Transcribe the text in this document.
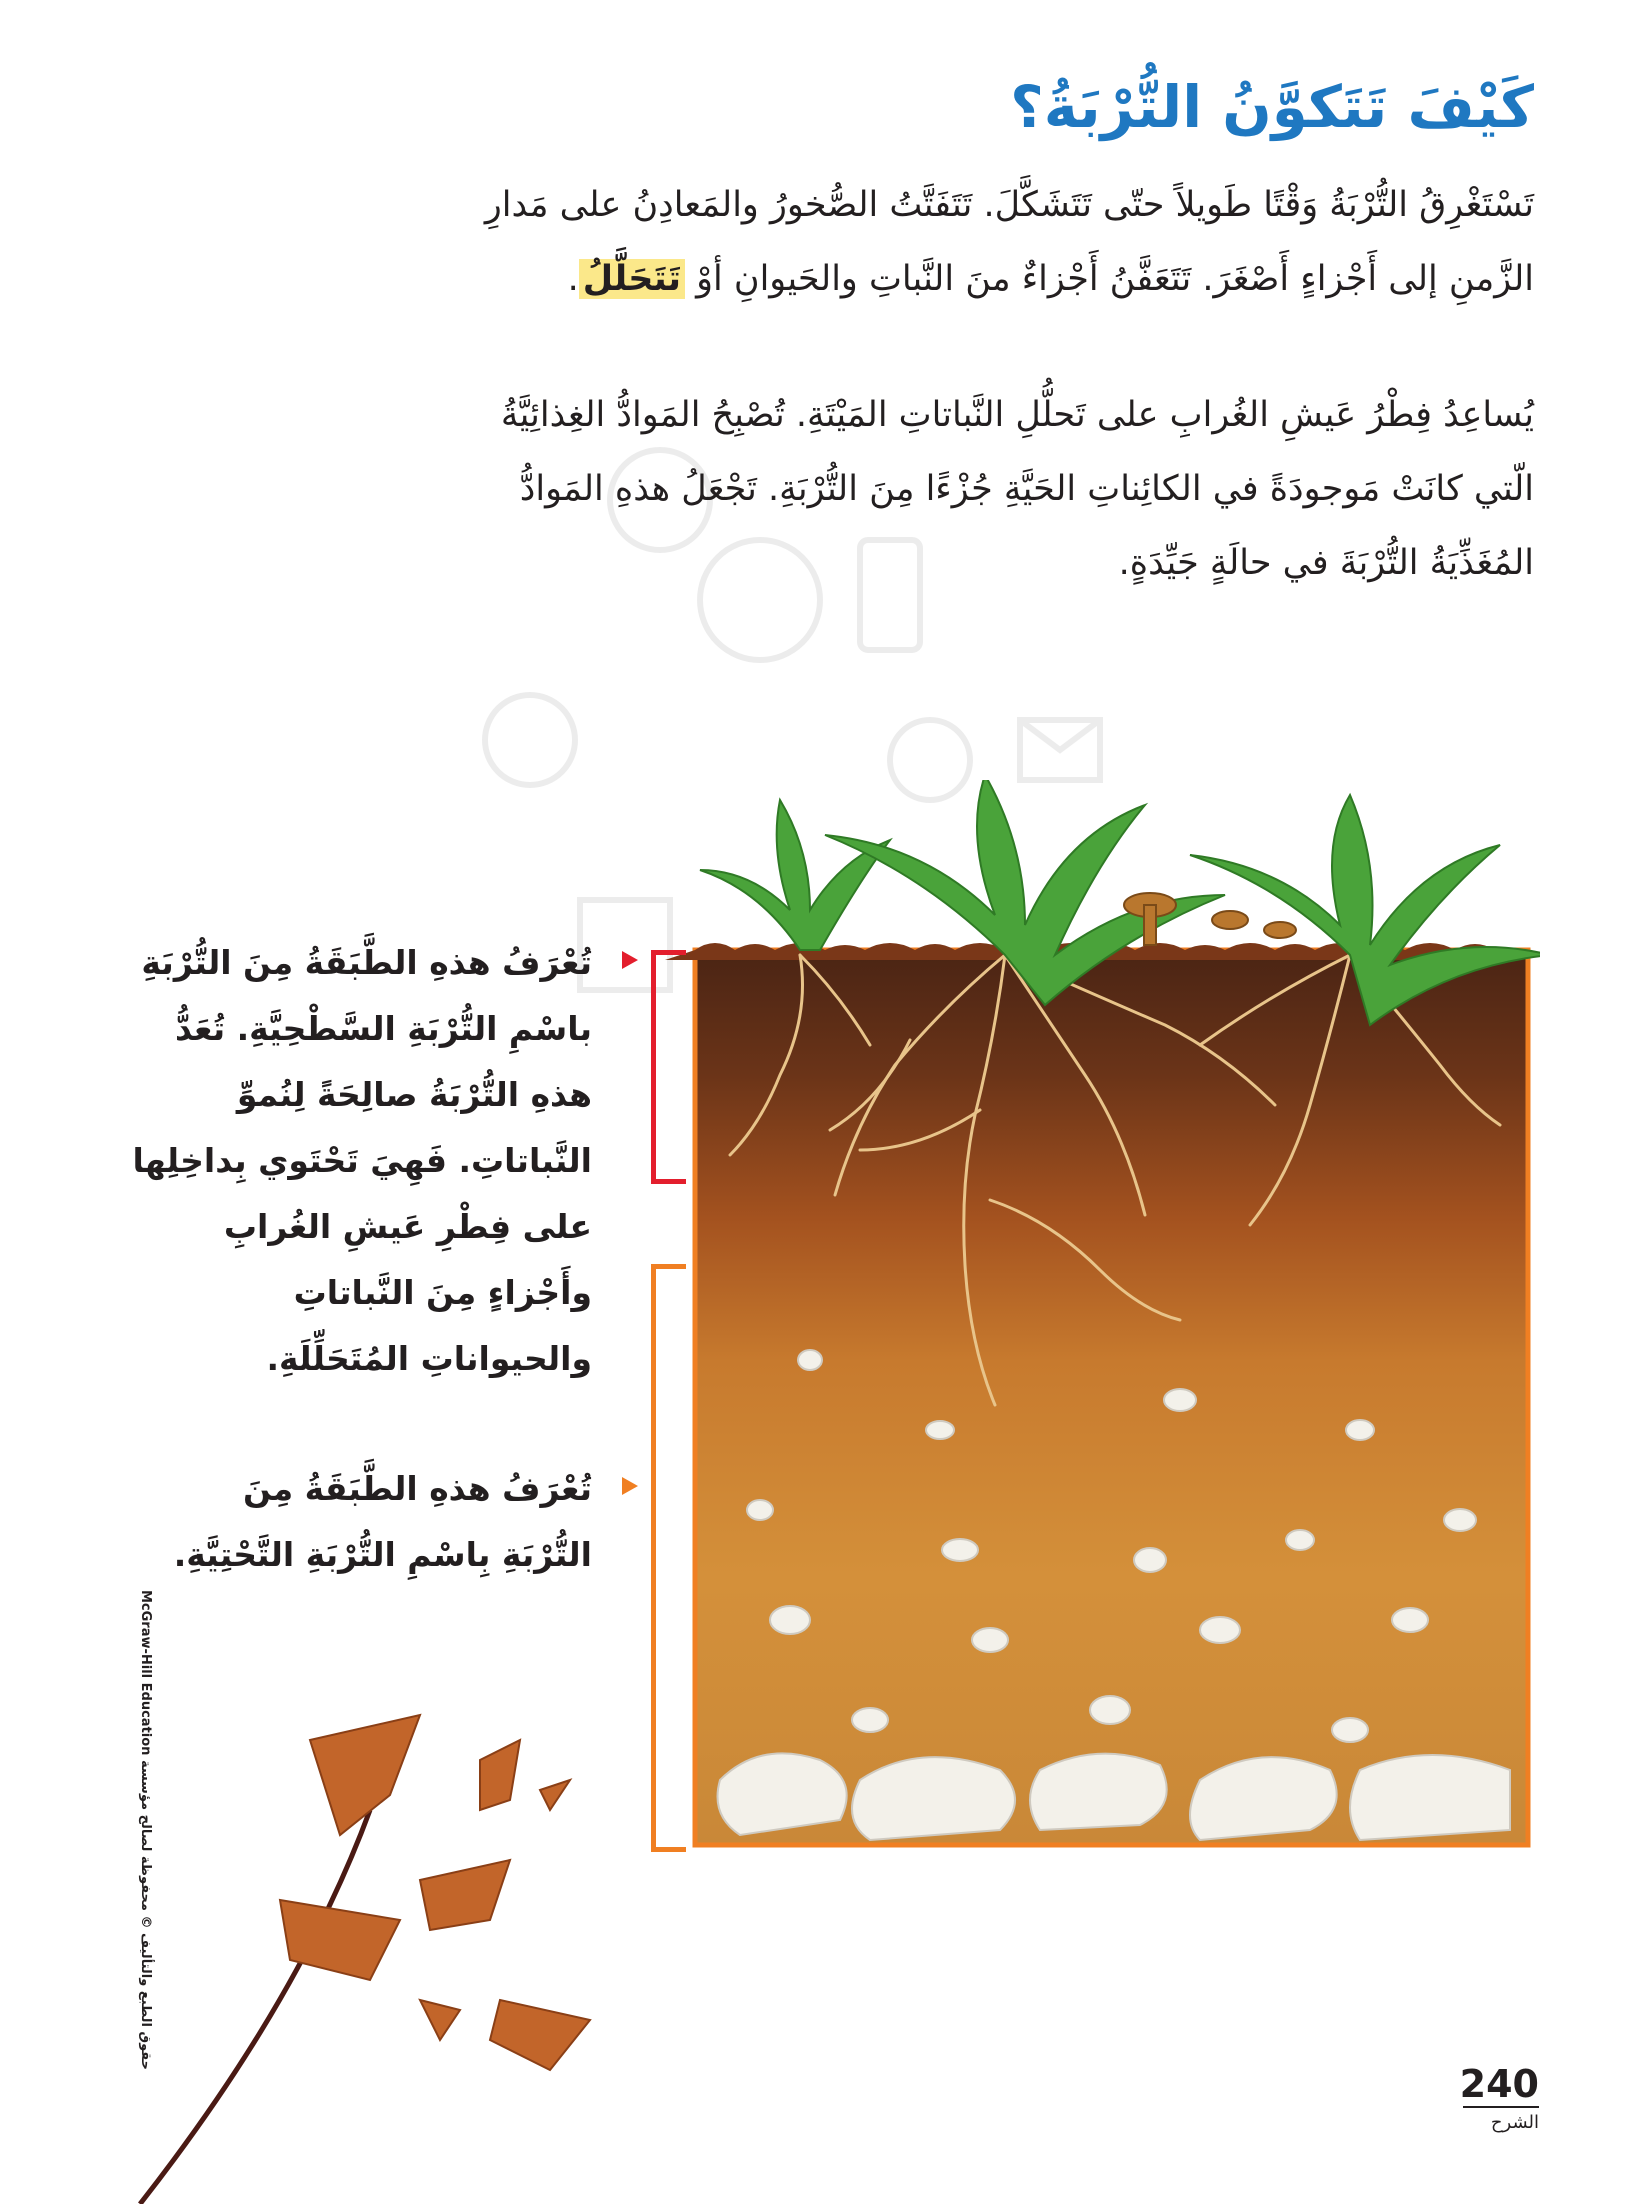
كَيْفَ تَتَكوَّنُ التُّرْبَةُ؟

تَسْتَغْرِقُ التُّرْبَةُ وَقْتًا طَويلاً حتّى تَتَشَكَّلَ. تَتَفَتَّتُ الصُّخورُ والمَعادِنُ على مَدارِ الزَّمنِ إلى أَجْزاءٍ أَصْغَرَ. تَتَعَفَّنُ أَجْزاءٌ منَ النَّباتِ والحَيوانِ أوْ تَتَحَلَّلُ.

يُساعِدُ فِطْرُ عَيشِ الغُرابِ على تَحلُّلِ النَّباتاتِ المَيْتَةِ. تُصْبِحُ المَوادُّ الغِذائِيَّةُ الّتي كانَتْ مَوجودَةً في الكائِناتِ الحَيَّةِ جُزْءًا مِنَ التُّرْبَةِ. تَجْعَلُ هذهِ المَوادُّ المُغَذِّيَةُ التُّرْبَةَ في حالَةٍ جَيِّدَةٍ.

تُعْرَفُ هذهِ الطَّبَقَةُ مِنَ التُّرْبَةِ باسْمِ التُّرْبَةِ السَّطْحِيَّةِ. تُعَدُّ هذهِ التُّرْبَةُ صالِحَةً لِنُموِّ النَّباتاتِ. فَهِيَ تَحْتَوي بِداخِلِها على فِطْرِ عَيشِ الغُرابِ وأَجْزاءٍ مِنَ النَّباتاتِ والحيواناتِ المُتَحَلِّلَةِ.

تُعْرَفُ هذهِ الطَّبَقَةُ مِنَ التُّرْبَةِ بِاسْمِ التُّرْبَةِ التَّحْتِيَّةِ.

حقوق الطبع والتأليف © محفوظة لصالح مؤسسة McGraw-Hill Education

240

الشرح
